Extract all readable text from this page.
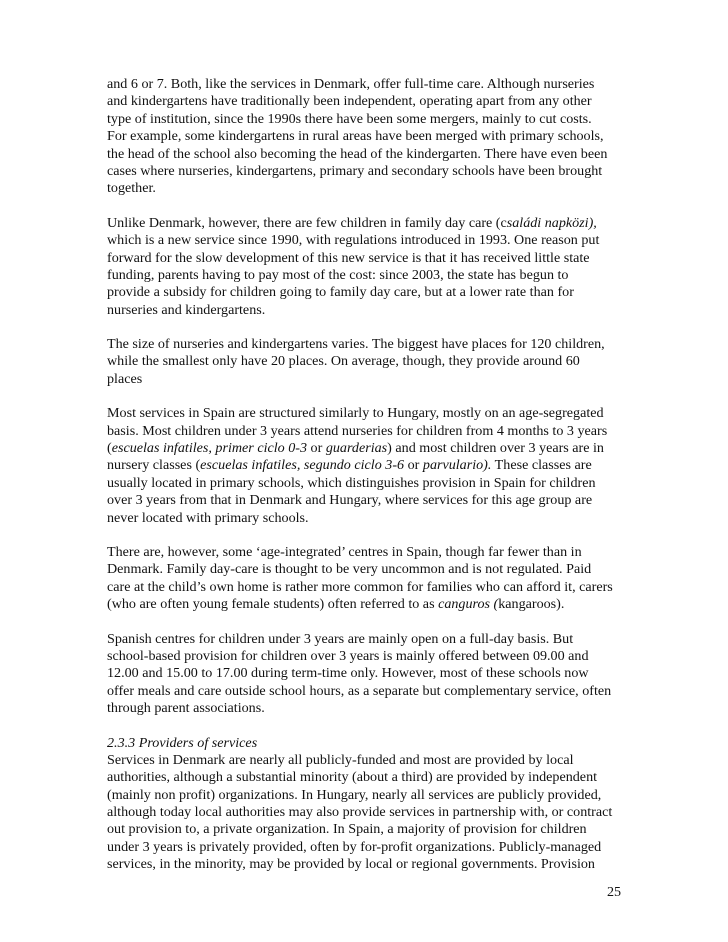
and 6 or 7. Both, like the services in Denmark, offer full-time care. Although nurseries
and kindergartens have traditionally been independent, operating apart from any other
type of institution, since the 1990s there have been some mergers, mainly to cut costs.
For example, some kindergartens in rural areas have been merged with primary schools,
the head of the school also becoming the head of the kindergarten. There have even been
cases where nurseries, kindergartens, primary and secondary schools have been brought
together.
Unlike Denmark, however, there are few children in family day care (családi napközi),
which is a new service since 1990, with regulations introduced in 1993. One reason put
forward for the slow development of this new service is that it has received little state
funding, parents having to pay most of the cost: since 2003, the state has begun to
provide a subsidy for children going to family day care, but at a lower rate than for
nurseries and kindergartens.
The size of nurseries and kindergartens varies. The biggest have places for 120 children,
while the smallest only have 20 places. On average, though, they provide around 60
places
Most services in Spain are structured similarly to Hungary, mostly on an age-segregated
basis. Most children under 3 years attend nurseries for children from 4 months to 3 years
(escuelas infatiles, primer ciclo 0-3 or guarderias) and most children over 3 years are in
nursery classes (escuelas infatiles, segundo ciclo 3-6 or parvulario). These classes are
usually located in primary schools, which distinguishes provision in Spain for children
over 3 years from that in Denmark and Hungary, where services for this age group are
never located with primary schools.
There are, however, some ‘age-integrated’ centres in Spain, though far fewer than in
Denmark. Family day-care is thought to be very uncommon and is not regulated. Paid
care at the child’s own home is rather more common for families who can afford it, carers
(who are often young female students) often referred to as canguros (kangaroos).
Spanish centres for children under 3 years are mainly open on a full-day basis. But
school-based provision for children over 3 years is mainly offered between 09.00 and
12.00 and 15.00 to 17.00 during term-time only. However, most of these schools now
offer meals and care outside school hours, as a separate but complementary service, often
through parent associations.

2.3.3 Providers of services

Services in Denmark are nearly all publicly-funded and most are provided by local
authorities, although a substantial minority (about a third) are provided by independent
(mainly non profit) organizations. In Hungary, nearly all services are publicly provided,
although today local authorities may also provide services in partnership with, or contract
out provision to, a private organization. In Spain, a majority of provision for children
under 3 years is privately provided, often by for-profit organizations. Publicly-managed
services, in the minority, may be provided by local or regional governments. Provision
25
